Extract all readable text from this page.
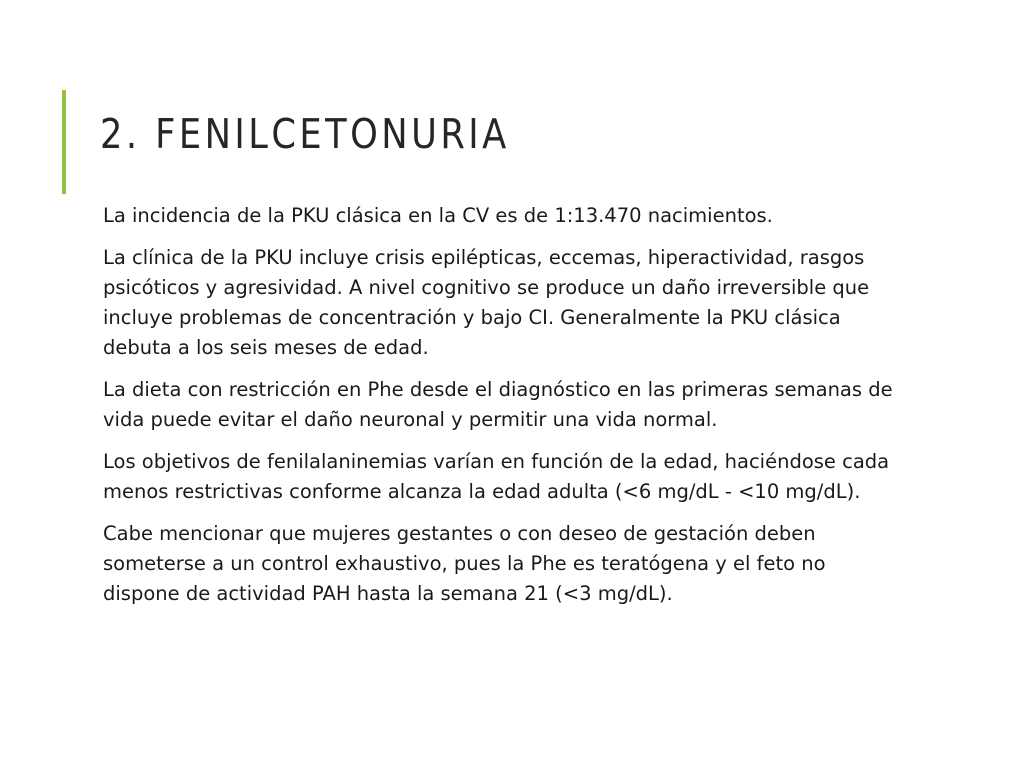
2. FENILCETONURIA

La incidencia de la PKU clásica en la CV es de 1:13.470 nacimientos.

La clínica de la PKU incluye crisis epilépticas, eccemas, hiperactividad, rasgos psicóticos y agresividad. A nivel cognitivo se produce un daño irreversible que incluye problemas de concentración y bajo CI. Generalmente la PKU clásica debuta a los seis meses de edad.

La dieta con restricción en Phe desde el diagnóstico en las primeras semanas de vida puede evitar el daño neuronal y permitir una vida normal.

Los objetivos de fenilalaninemias varían en función de la edad, haciéndose cada menos restrictivas conforme alcanza la edad adulta (<6 mg/dL - <10 mg/dL).

Cabe mencionar que mujeres gestantes o con deseo de gestación deben someterse a un control exhaustivo, pues la Phe es teratógena y el feto no dispone de actividad PAH hasta la semana 21 (<3 mg/dL).
